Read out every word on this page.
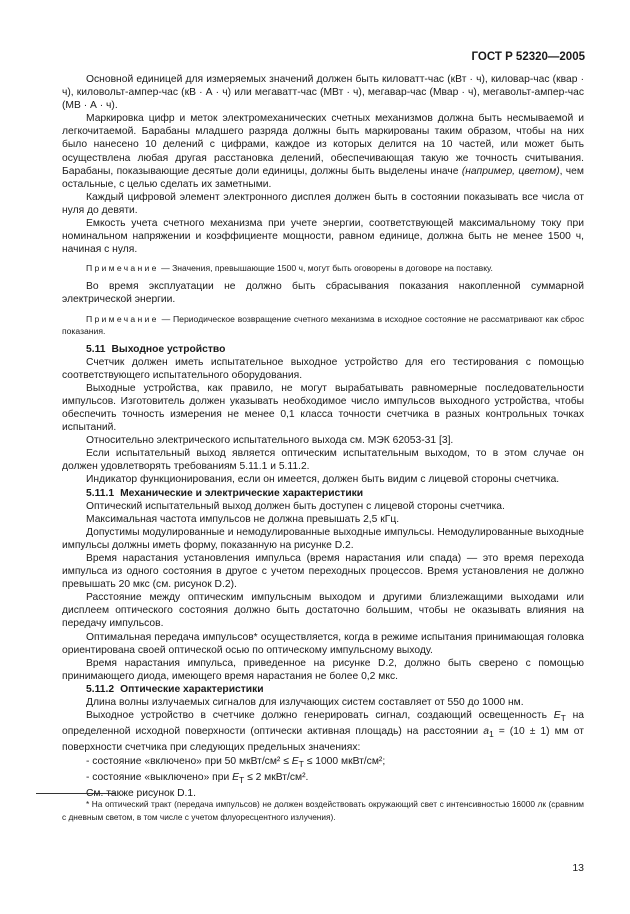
ГОСТ Р 52320—2005

Основной единицей для измеряемых значений должен быть киловатт-час (кВт · ч), киловар-час (квар · ч), киловольт-ампер-час (кВ · А · ч) или мегаватт-час (МВт · ч), мегавар-час (Мвар · ч), мегавольт-ампер-час (МВ · А · ч).

Маркировка цифр и меток электромеханических счетных механизмов должна быть несмываемой и легкочитаемой. Барабаны младшего разряда должны быть маркированы таким образом, чтобы на них было нанесено 10 делений с цифрами, каждое из которых делится на 10 частей, или может быть осуществлена любая другая расстановка делений, обеспечивающая такую же точность считывания. Барабаны, показывающие десятые доли единицы, должны быть выделены иначе (например, цветом), чем остальные, с целью сделать их заметными.

Каждый цифровой элемент электронного дисплея должен быть в состоянии показывать все числа от нуля до девяти.

Емкость учета счетного механизма при учете энергии, соответствующей максимальному току при номинальном напряжении и коэффициенте мощности, равном единице, должна быть не менее 1500 ч, начиная с нуля.

Примечание — Значения, превышающие 1500 ч, могут быть оговорены в договоре на поставку.

Во время эксплуатации не должно быть сбрасывания показания накопленной суммарной электрической энергии.

Примечание — Периодическое возвращение счетного механизма в исходное состояние не рассматривают как сброс показания.

5.11 Выходное устройство

Счетчик должен иметь испытательное выходное устройство для его тестирования с помощью соответствующего испытательного оборудования.

Выходные устройства, как правило, не могут вырабатывать равномерные последовательности импульсов. Изготовитель должен указывать необходимое число импульсов выходного устройства, чтобы обеспечить точность измерения не менее 0,1 класса точности счетчика в разных контрольных точках испытаний.

Относительно электрического испытательного выхода см. МЭК 62053-31 [3].

Если испытательный выход является оптическим испытательным выходом, то в этом случае он должен удовлетворять требованиям 5.11.1 и 5.11.2.

Индикатор функционирования, если он имеется, должен быть видим с лицевой стороны счетчика.

5.11.1 Механические и электрические характеристики

Оптический испытательный выход должен быть доступен с лицевой стороны счетчика.

Максимальная частота импульсов не должна превышать 2,5 кГц.

Допустимы модулированные и немодулированные выходные импульсы. Немодулированные выходные импульсы должны иметь форму, показанную на рисунке D.2.

Время нарастания установления импульса (время нарастания или спада) — это время перехода импульса из одного состояния в другое с учетом переходных процессов. Время установления не должно превышать 20 мкс (см. рисунок D.2).

Расстояние между оптическим импульсным выходом и другими близлежащими выходами или дисплеем оптического состояния должно быть достаточно большим, чтобы не оказывать влияния на передачу импульсов.

Оптимальная передача импульсов* осуществляется, когда в режиме испытания принимающая головка ориентирована своей оптической осью по оптическому импульсному выходу.

Время нарастания импульса, приведенное на рисунке D.2, должно быть сверено с помощью принимающего диода, имеющего время нарастания не более 0,2 мкс.

5.11.2 Оптические характеристики

Длина волны излучаемых сигналов для излучающих систем составляет от 550 до 1000 нм.

Выходное устройство в счетчике должно генерировать сигнал, создающий освещенность $E_T$ на определенной исходной поверхности (оптически активная площадь) на расстоянии $a_1 = (10 \pm 1)$ мм от поверхности счетчика при следующих предельных значениях:

- состояние «включено» при 50 мкВт/см² ≤ $E_T \le 1000$ мкВт/см²;

- состояние «выключено» при $E_T \le 2$ мкВт/см².

См. также рисунок D.1.

* На оптический тракт (передача импульсов) не должен воздействовать окружающий свет с интенсивностью 16000 лк (сравним с дневным светом, в том числе с учетом флуоресцентного излучения).

13
